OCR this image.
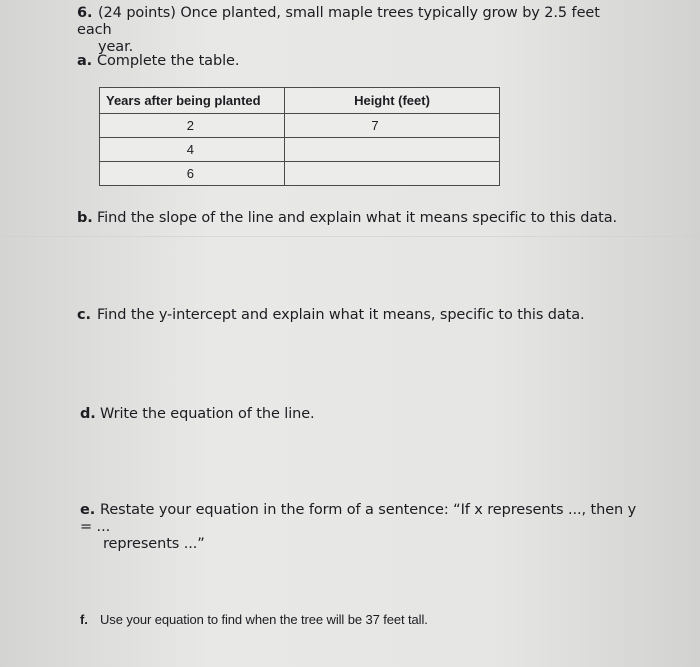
6. (24 points) Once planted, small maple trees typically grow by 2.5 feet each
year.
a. Complete the table.
Years after being planted	Height (feet)
2	7
4	
6	
b. Find the slope of the line and explain what it means specific to this data.
c. Find the y-intercept and explain what it means, specific to this data.
d. Write the equation of the line.
e. Restate your equation in the form of a sentence: “If x represents ..., then y = ...
represents ...”
f. Use your equation to find when the tree will be 37 feet tall.
